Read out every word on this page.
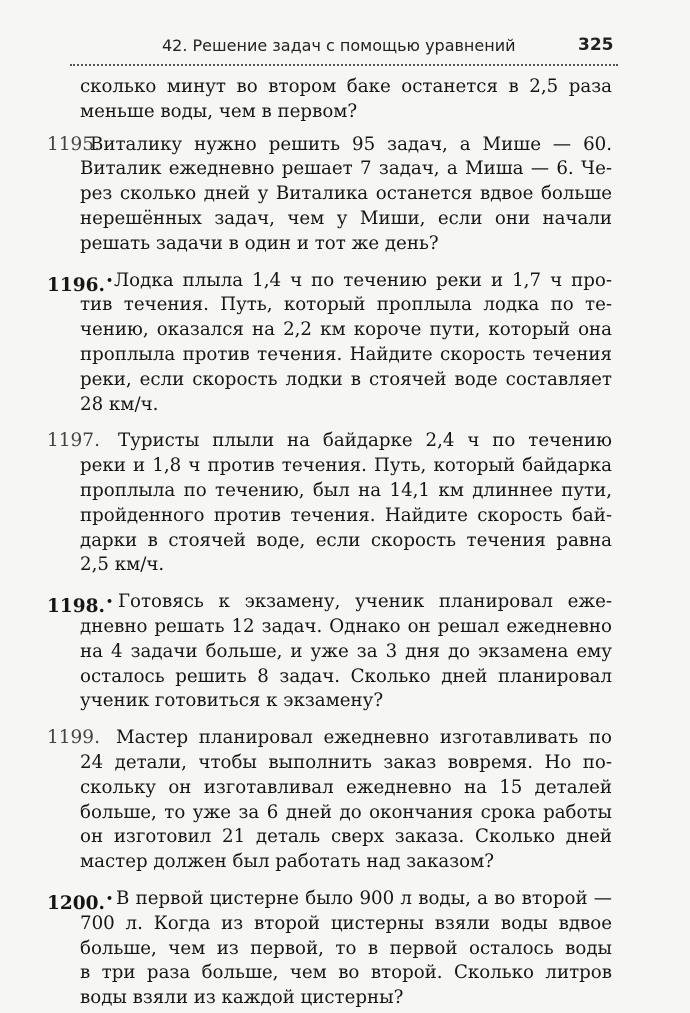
42. Решение задач с помощью уравнений	325
сколько минут во втором баке останется в 2,5 раза
меньше воды, чем в первом?
1195.
Виталику нужно решить 95 задач, а Мише — 60.
Виталик ежедневно решает 7 задач, а Миша — 6. Че-
рез сколько дней у Виталика останется вдвое больше
нерешённых задач, чем у Миши, если они начали
решать задачи в один и тот же день?
1196.• Лодка плыла 1,4 ч по течению реки и 1,7 ч про-
тив течения. Путь, который проплыла лодка по те-
чению, оказался на 2,2 км короче пути, который она
проплыла против течения. Найдите скорость течения
реки, если скорость лодки в стоячей воде составляет
28 км/ч.
1197. Туристы плыли на байдарке 2,4 ч по течению
реки и 1,8 ч против течения. Путь, который байдарка
проплыла по течению, был на 14,1 км длиннее пути,
пройденного против течения. Найдите скорость бай-
дарки в стоячей воде, если скорость течения равна
2,5 км/ч.
1198.• Готовясь к экзамену, ученик планировал еже-
дневно решать 12 задач. Однако он решал ежедневно
на 4 задачи больше, и уже за 3 дня до экзамена ему
осталось решить 8 задач. Сколько дней планировал
ученик готовиться к экзамену?
1199. Мастер планировал ежедневно изготавливать по
24 детали, чтобы выполнить заказ вовремя. Но по-
скольку он изготавливал ежедневно на 15 деталей
больше, то уже за 6 дней до окончания срока работы
он изготовил 21 деталь сверх заказа. Сколько дней
мастер должен был работать над заказом?
1200.• В первой цистерне было 900 л воды, а во второй —
700 л. Когда из второй цистерны взяли воды вдвое
больше, чем из первой, то в первой осталось воды
в три раза больше, чем во второй. Сколько литров
воды взяли из каждой цистерны?
